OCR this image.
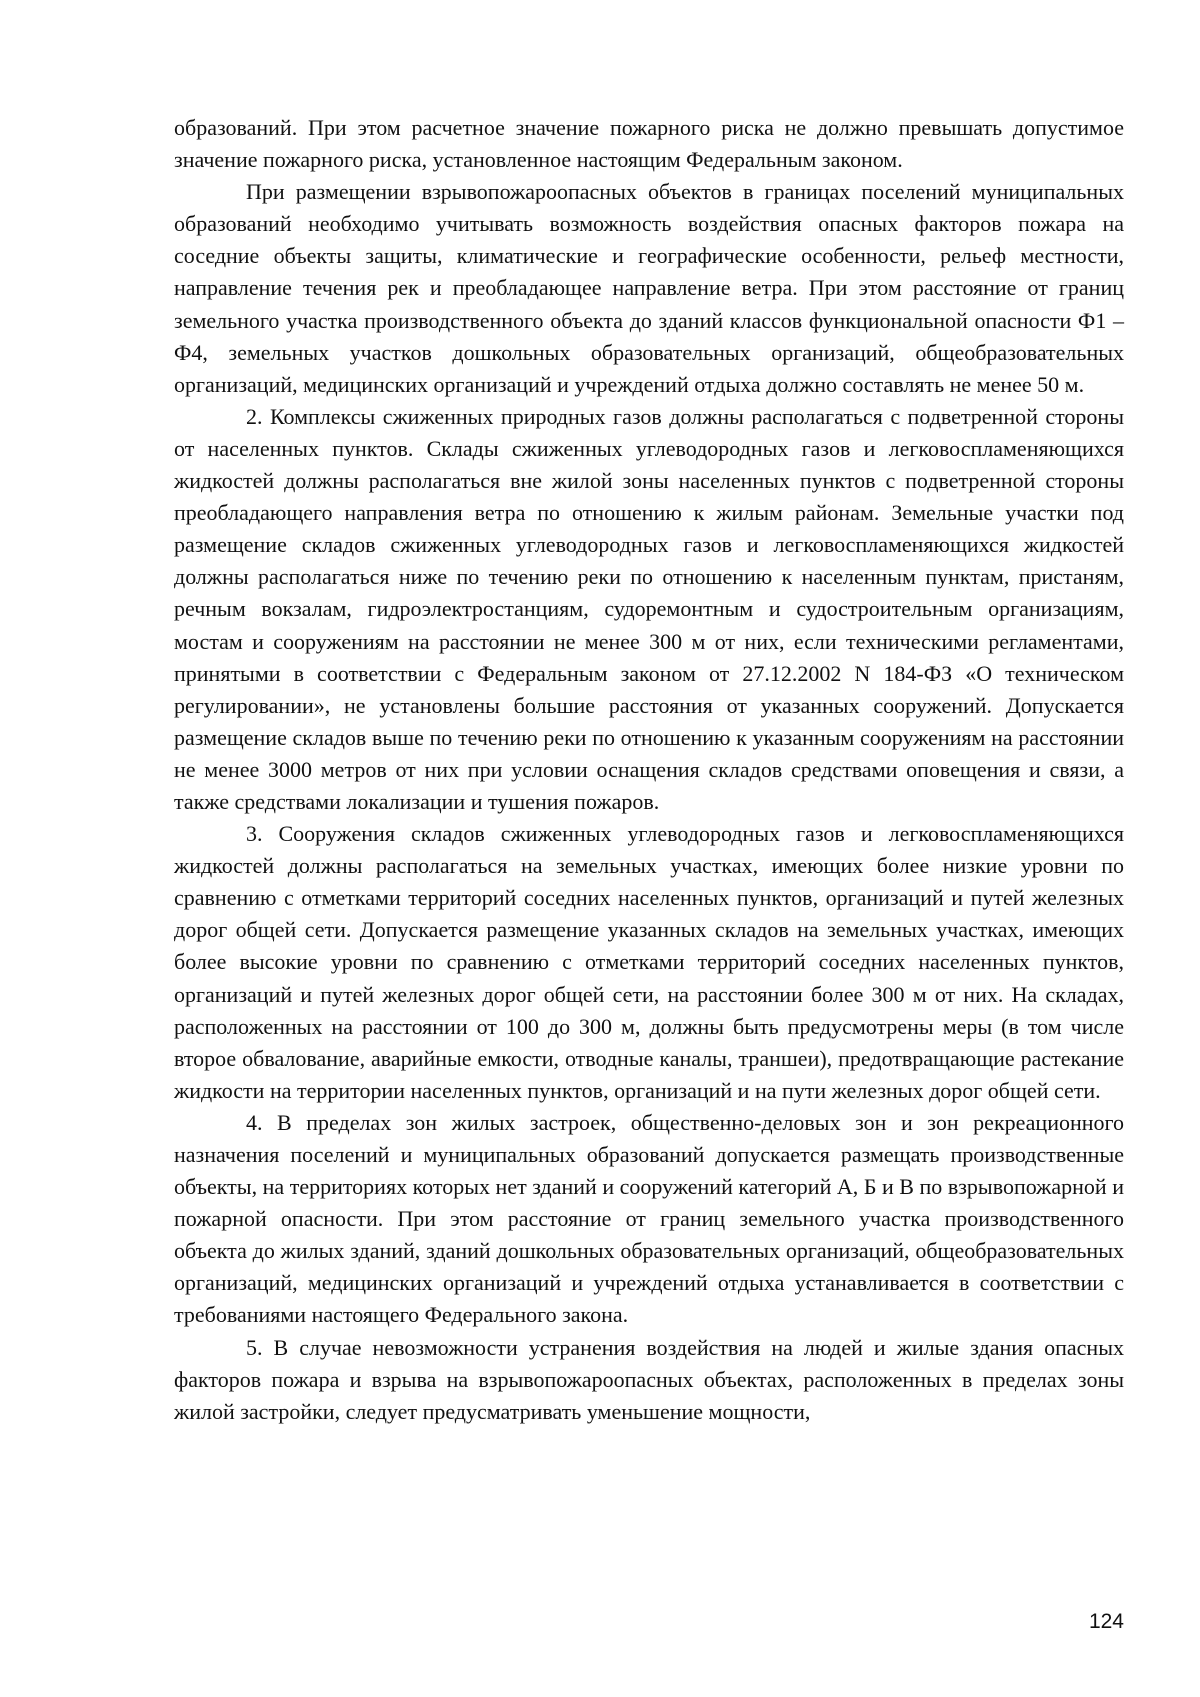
образований. При этом расчетное значение пожарного риска не должно превышать допустимое значение пожарного риска, установленное настоящим Федеральным законом.

При размещении взрывопожароопасных объектов в границах поселений муниципальных образований необходимо учитывать возможность воздействия опасных факторов пожара на соседние объекты защиты, климатические и географические особенности, рельеф местности, направление течения рек и преобладающее направление ветра. При этом расстояние от границ земельного участка производственного объекта до зданий классов функциональной опасности Ф1 – Ф4, земельных участков дошкольных образовательных организаций, общеобразовательных организаций, медицинских организаций и учреждений отдыха должно составлять не менее 50 м.

2. Комплексы сжиженных природных газов должны располагаться с подветренной стороны от населенных пунктов. Склады сжиженных углеводородных газов и легковоспламеняющихся жидкостей должны располагаться вне жилой зоны населенных пунктов с подветренной стороны преобладающего направления ветра по отношению к жилым районам. Земельные участки под размещение складов сжиженных углеводородных газов и легковоспламеняющихся жидкостей должны располагаться ниже по течению реки по отношению к населенным пунктам, пристаням, речным вокзалам, гидроэлектростанциям, судоремонтным и судостроительным организациям, мостам и сооружениям на расстоянии не менее 300 м от них, если техническими регламентами, принятыми в соответствии с Федеральным законом от 27.12.2002 N 184-ФЗ «О техническом регулировании», не установлены большие расстояния от указанных сооружений. Допускается размещение складов выше по течению реки по отношению к указанным сооружениям на расстоянии не менее 3000 метров от них при условии оснащения складов средствами оповещения и связи, а также средствами локализации и тушения пожаров.

3. Сооружения складов сжиженных углеводородных газов и легковоспламеняющихся жидкостей должны располагаться на земельных участках, имеющих более низкие уровни по сравнению с отметками территорий соседних населенных пунктов, организаций и путей железных дорог общей сети. Допускается размещение указанных складов на земельных участках, имеющих более высокие уровни по сравнению с отметками территорий соседних населенных пунктов, организаций и путей железных дорог общей сети, на расстоянии более 300 м от них. На складах, расположенных на расстоянии от 100 до 300 м, должны быть предусмотрены меры (в том числе второе обвалование, аварийные емкости, отводные каналы, траншеи), предотвращающие растекание жидкости на территории населенных пунктов, организаций и на пути железных дорог общей сети.

4. В пределах зон жилых застроек, общественно-деловых зон и зон рекреационного назначения поселений и муниципальных образований допускается размещать производственные объекты, на территориях которых нет зданий и сооружений категорий А, Б и В по взрывопожарной и пожарной опасности. При этом расстояние от границ земельного участка производственного объекта до жилых зданий, зданий дошкольных образовательных организаций, общеобразовательных организаций, медицинских организаций и учреждений отдыха устанавливается в соответствии с требованиями настоящего Федерального закона.

5. В случае невозможности устранения воздействия на людей и жилые здания опасных факторов пожара и взрыва на взрывопожароопасных объектах, расположенных в пределах зоны жилой застройки, следует предусматривать уменьшение мощности,

124
